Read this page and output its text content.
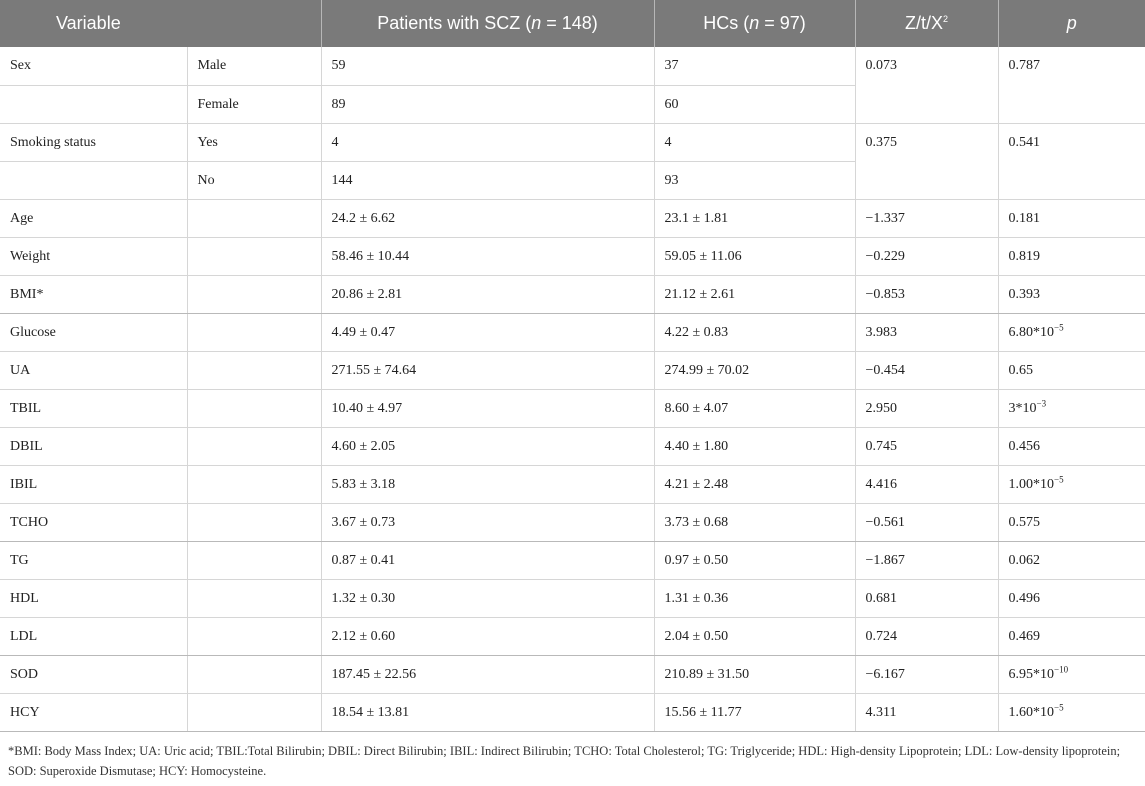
Variable		Patients with SCZ (n = 148)	HCs (n = 97)	$Z/t/X^2$	p
Sex	Male	59	37	0.073	0.787
	Female	89	60		
Smoking status	Yes	4	4	0.375	0.541
	No	144	93		
Age		24.2 ± 6.62	23.1 ± 1.81	−1.337	0.181
Weight		58.46 ± 10.44	59.05 ± 11.06	−0.229	0.819
BMI*		20.86 ± 2.81	21.12 ± 2.61	−0.853	0.393
Glucose		4.49 ± 0.47	4.22 ± 0.83	3.983	$6.80*10^{-5}$
UA		271.55 ± 74.64	274.99 ± 70.02	−0.454	0.65
TBIL		10.40 ± 4.97	8.60 ± 4.07	2.950	$3*10^{-3}$
DBIL		4.60 ± 2.05	4.40 ± 1.80	0.745	0.456
IBIL		5.83 ± 3.18	4.21 ± 2.48	4.416	$1.00*10^{-5}$
TCHO		3.67 ± 0.73	3.73 ± 0.68	−0.561	0.575
TG		0.87 ± 0.41	0.97 ± 0.50	−1.867	0.062
HDL		1.32 ± 0.30	1.31 ± 0.36	0.681	0.496
LDL		2.12 ± 0.60	2.04 ± 0.50	0.724	0.469
SOD		187.45 ± 22.56	210.89 ± 31.50	−6.167	$6.95*10^{-10}$
HCY		18.54 ± 13.81	15.56 ± 11.77	4.311	$1.60*10^{-5}$
*BMI: Body Mass Index; UA: Uric acid; TBIL:Total Bilirubin; DBIL: Direct Bilirubin; IBIL: Indirect Bilirubin; TCHO: Total Cholesterol; TG: Triglyceride; HDL: High-density Lipoprotein; LDL: Low-density lipoprotein; SOD: Superoxide Dismutase; HCY: Homocysteine.
